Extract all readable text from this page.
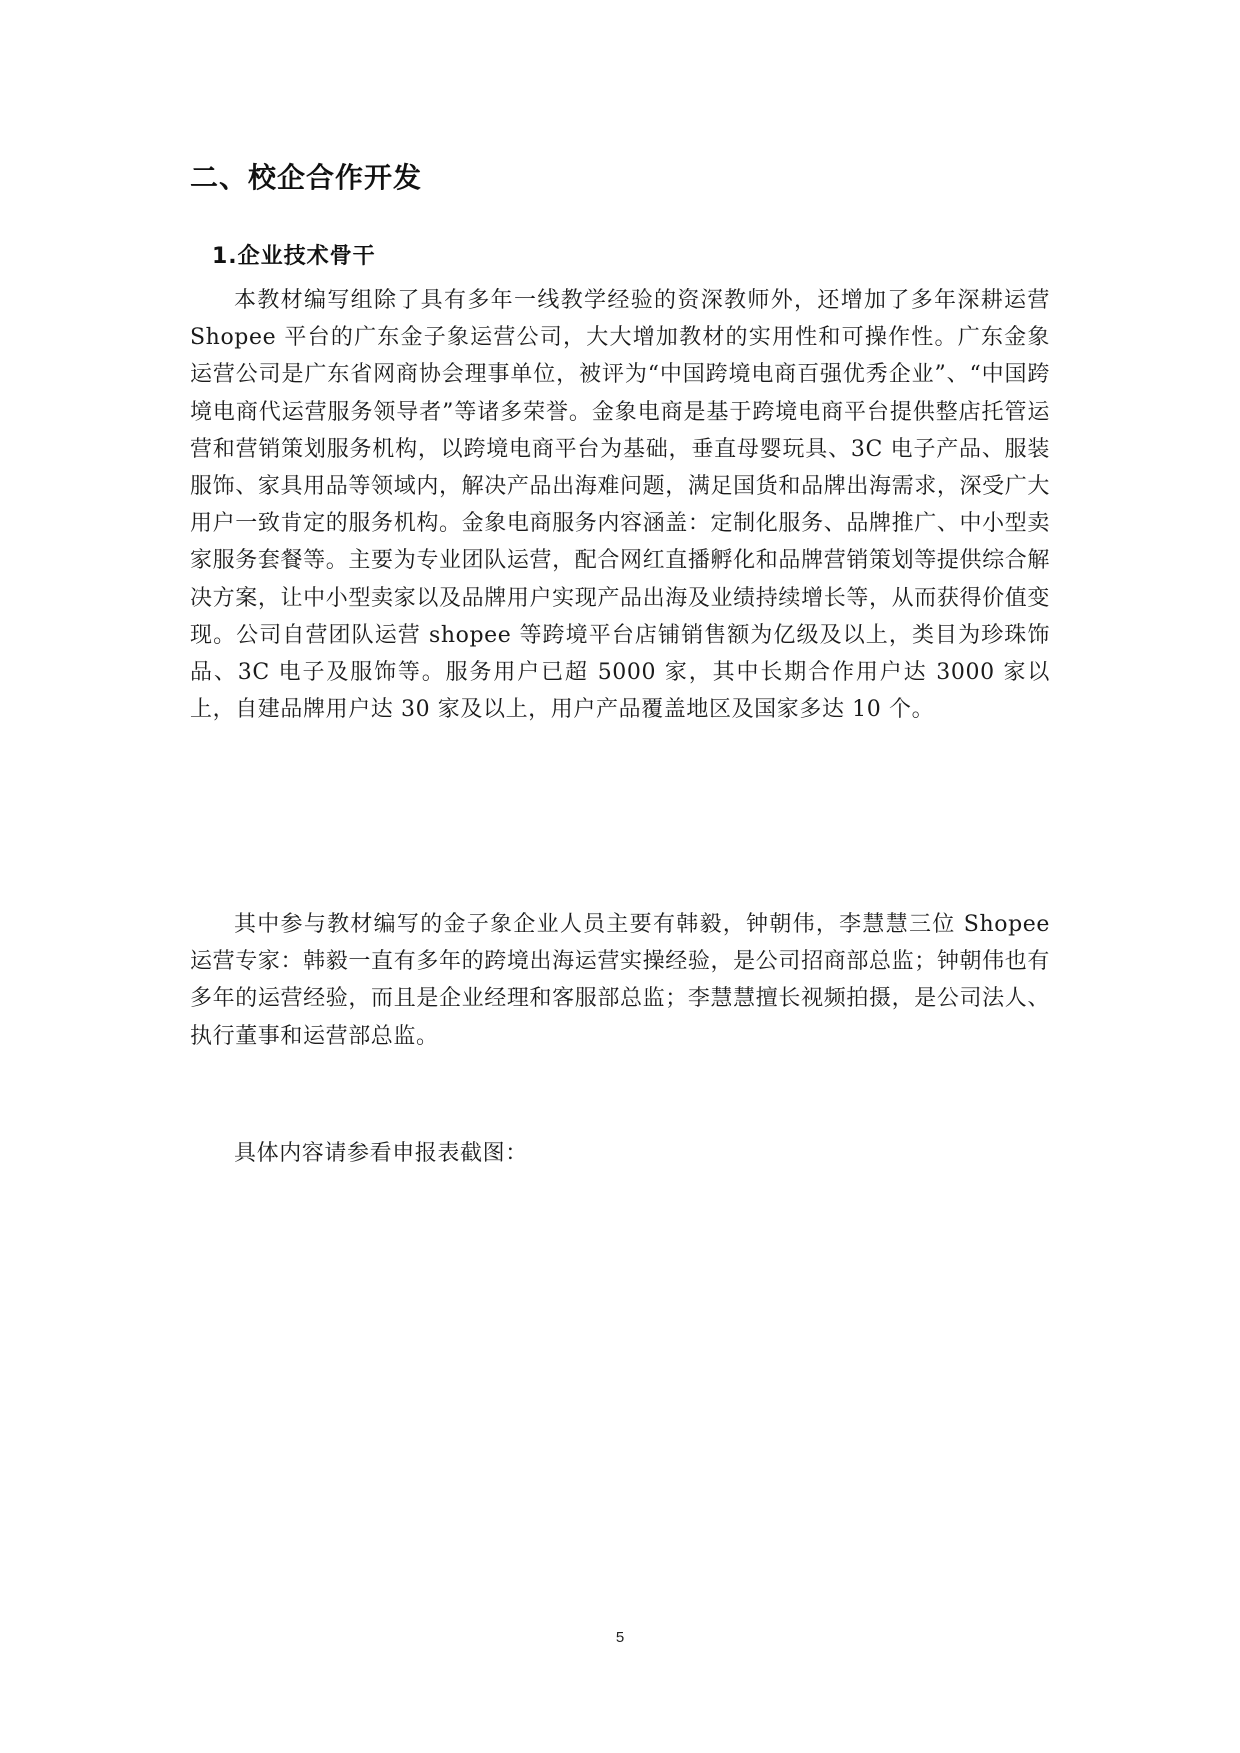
二、校企合作开发
1.企业技术骨干

本教材编写组除了具有多年一线教学经验的资深教师外，还增加了多年深耕运营 Shopee 平台的广东金子象运营公司，大大增加教材的实用性和可操作性。广东金象运营公司是广东省网商协会理事单位，被评为“中国跨境电商百强优秀企业”、“中国跨境电商代运营服务领导者”等诸多荣誉。金象电商是基于跨境电商平台提供整店托管运营和营销策划服务机构，以跨境电商平台为基础，垂直母婴玩具、3C 电子产品、服装服饰、家具用品等领域内，解决产品出海难问题，满足国货和品牌出海需求，深受广大用户一致肯定的服务机构。金象电商服务内容涵盖：定制化服务、品牌推广、中小型卖家服务套餐等。主要为专业团队运营，配合网红直播孵化和品牌营销策划等提供综合解决方案，让中小型卖家以及品牌用户实现产品出海及业绩持续增长等，从而获得价值变现。公司自营团队运营 shopee 等跨境平台店铺销售额为亿级及以上，类目为珍珠饰品、3C 电子及服饰等。服务用户已超 5000 家，其中长期合作用户达 3000 家以上，自建品牌用户达 30 家及以上，用户产品覆盖地区及国家多达 10 个。

其中参与教材编写的金子象企业人员主要有韩毅，钟朝伟，李慧慧三位 Shopee 运营专家：韩毅一直有多年的跨境出海运营实操经验，是公司招商部总监；钟朝伟也有多年的运营经验，而且是企业经理和客服部总监；李慧慧擅长视频拍摄，是公司法人、执行董事和运营部总监。

具体内容请参看申报表截图：

5
